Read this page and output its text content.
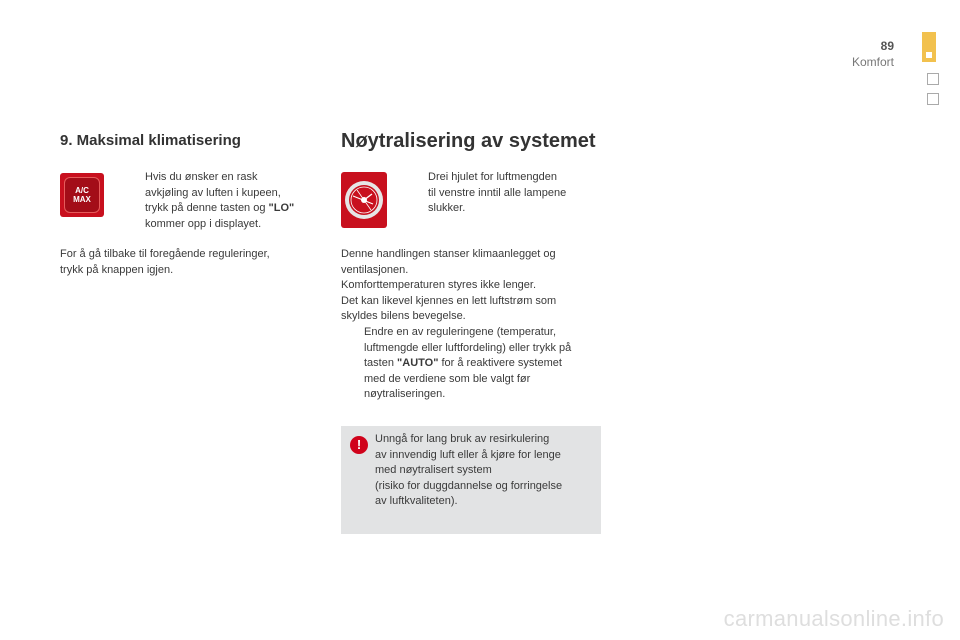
89
Komfort
9. Maksimal klimatisering
A/C
MAX
Hvis du ønsker en rask
avkjøling av luften i kupeen,
trykk på denne tasten og "LO"
kommer opp i displayet.
For å gå tilbake til foregående reguleringer,
trykk på knappen igjen.
Nøytralisering av systemet
Drei hjulet for luftmengden
til venstre inntil alle lampene
slukker.
Denne handlingen stanser klimaanlegget og
ventilasjonen.
Komforttemperaturen styres ikke lenger.
Det kan likevel kjennes en lett luftstrøm som
skyldes bilens bevegelse.
Endre en av reguleringene (temperatur,
luftmengde eller luftfordeling) eller trykk på
tasten "AUTO" for å reaktivere systemet
med de verdiene som ble valgt før
nøytraliseringen.
!	Unngå for lang bruk av resirkulering
av innvendig luft eller å kjøre for lenge
med nøytralisert system
(risiko for duggdannelse og forringelse
av luftkvaliteten).
carmanualsonline.info
